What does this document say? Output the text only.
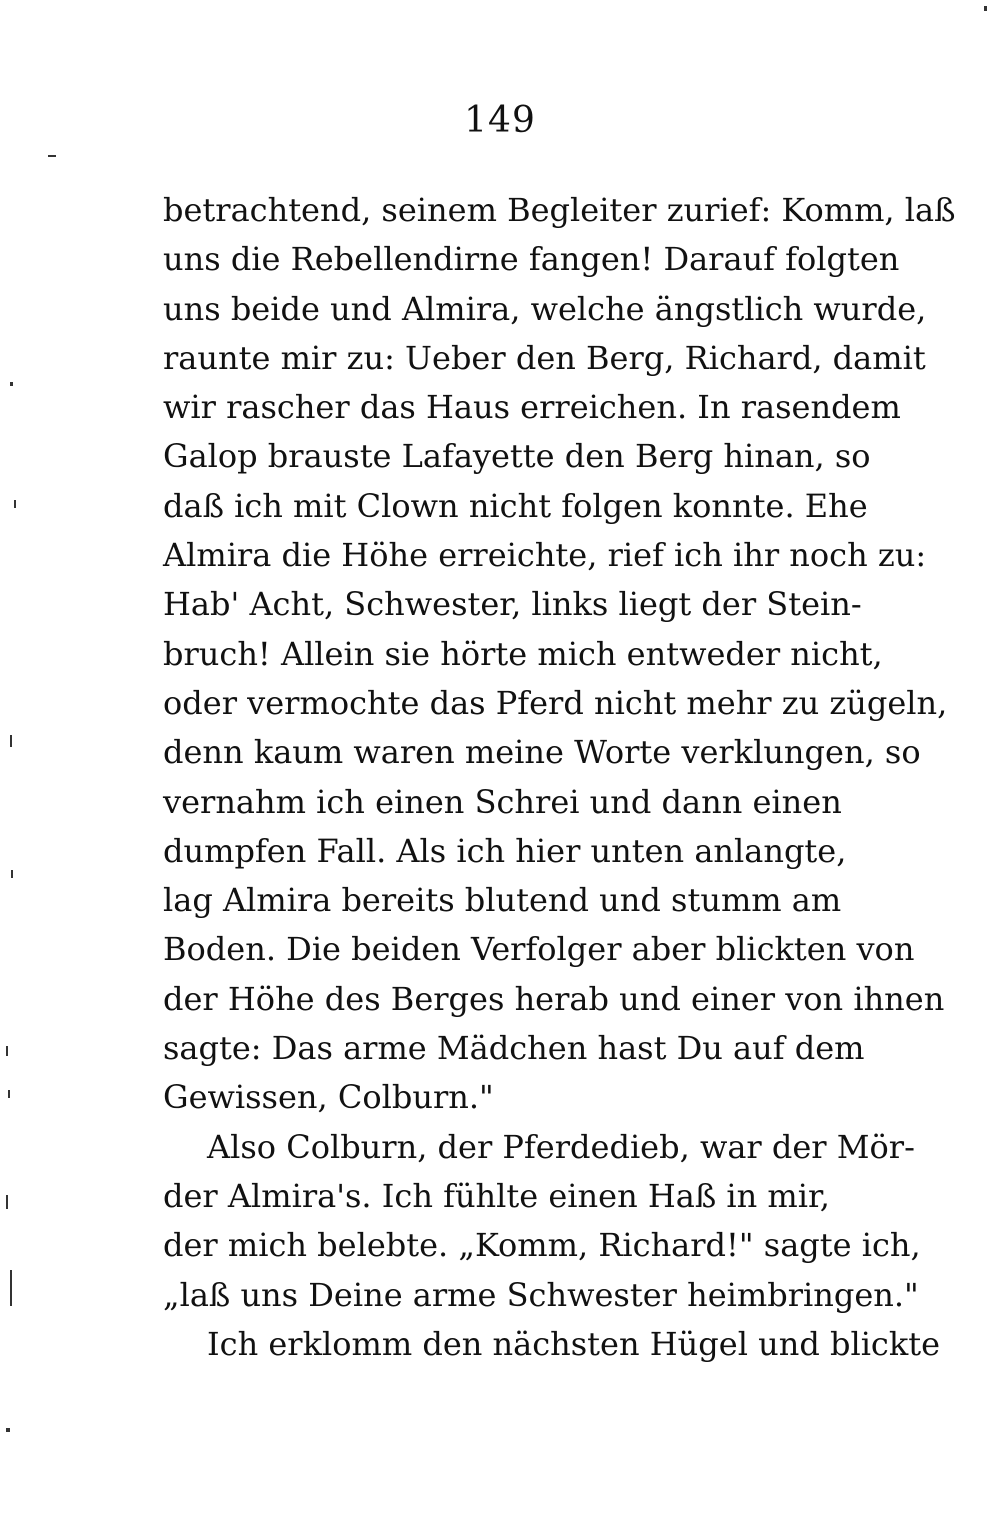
149
betrachtend, seinem Begleiter zurief: Komm, laß
uns die Rebellendirne fangen! Darauf folgten
uns beide und Almira, welche ängstlich wurde,
raunte mir zu: Ueber den Berg, Richard, damit
wir rascher das Haus erreichen. In rasendem
Galop brauste Lafayette den Berg hinan, so
daß ich mit Clown nicht folgen konnte. Ehe
Almira die Höhe erreichte, rief ich ihr noch zu:
Hab' Acht, Schwester, links liegt der Stein-
bruch! Allein sie hörte mich entweder nicht,
oder vermochte das Pferd nicht mehr zu zügeln,
denn kaum waren meine Worte verklungen, so
vernahm ich einen Schrei und dann einen
dumpfen Fall. Als ich hier unten anlangte,
lag Almira bereits blutend und stumm am
Boden. Die beiden Verfolger aber blickten von
der Höhe des Berges herab und einer von ihnen
sagte: Das arme Mädchen hast Du auf dem
Gewissen, Colburn."
Also Colburn, der Pferdedieb, war der Mör-
der Almira's. Ich fühlte einen Haß in mir,
der mich belebte. „Komm, Richard!" sagte ich,
„laß uns Deine arme Schwester heimbringen."
Ich erklomm den nächsten Hügel und blickte
